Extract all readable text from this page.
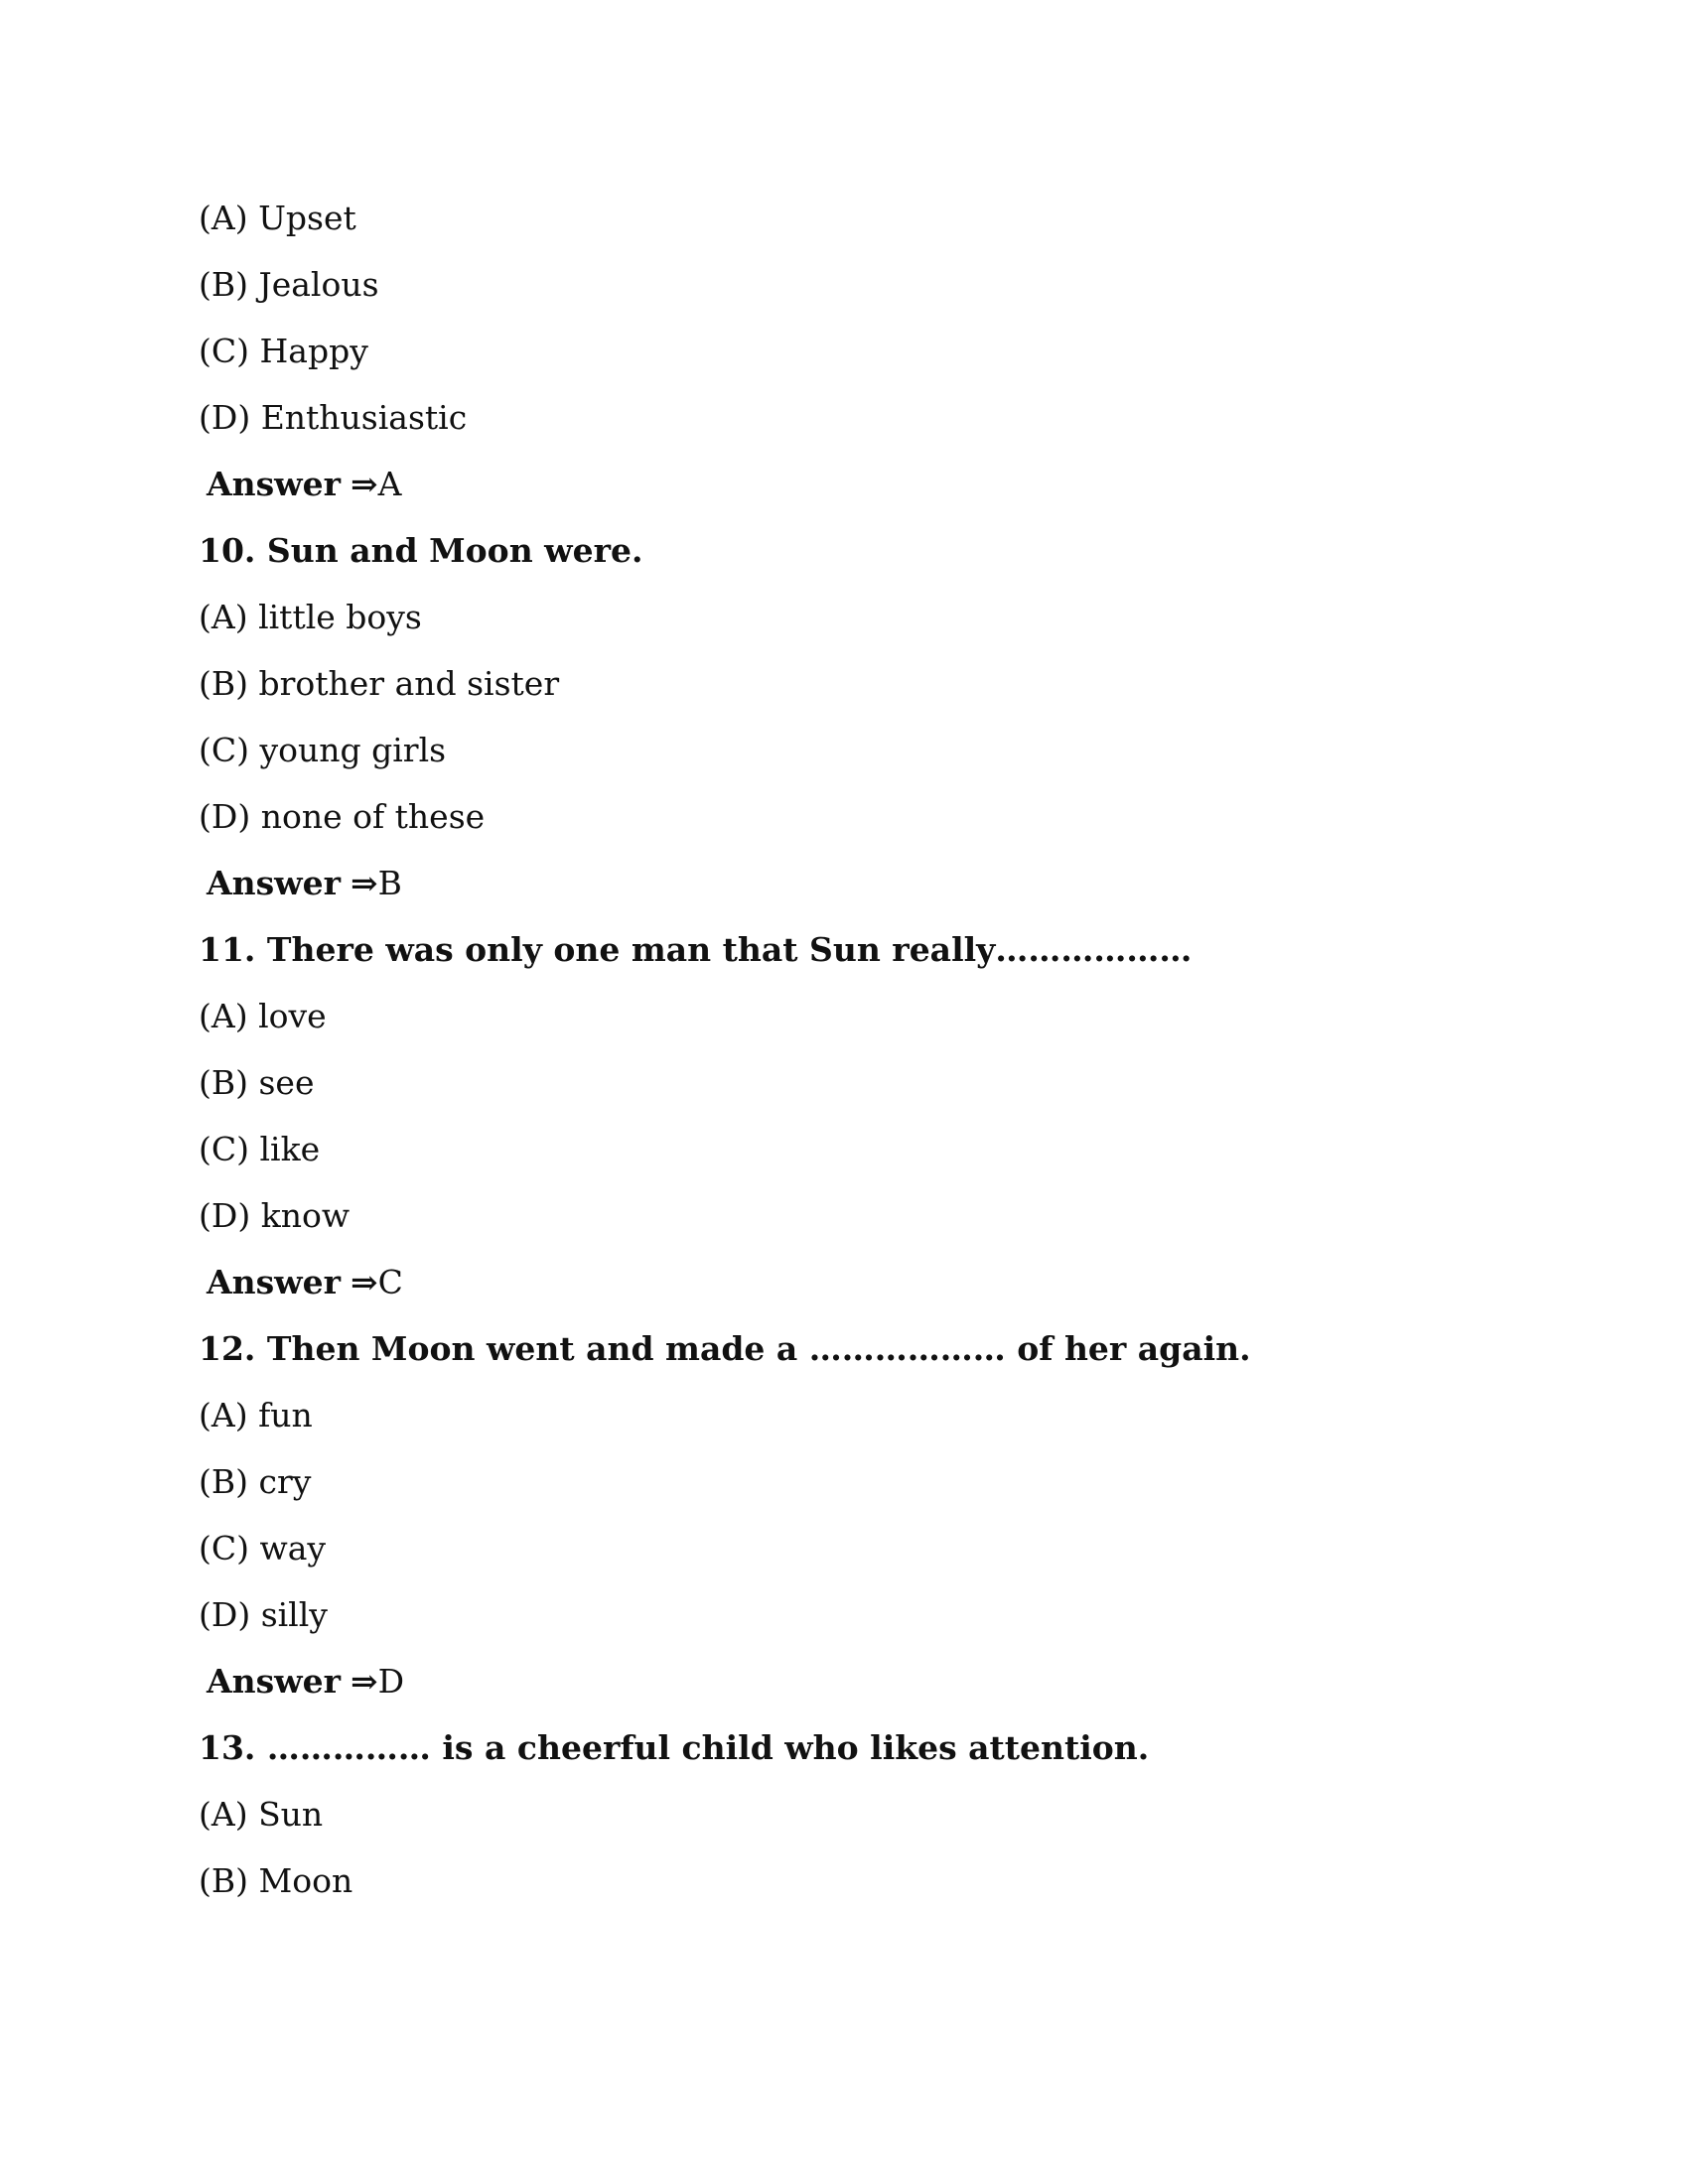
(A) Upset
(B) Jealous
(C) Happy
(D) Enthusiastic
Answer ⇒A
10. Sun and Moon were.
(A) little boys
(B) brother and sister
(C) young girls
(D) none of these
Answer ⇒B
11. There was only one man that Sun really………………
(A) love
(B) see
(C) like
(D) know
Answer ⇒C
12. Then Moon went and made a ……………… of her again.
(A) fun
(B) cry
(C) way
(D) silly
Answer ⇒D
13. …………… is a cheerful child who likes attention.
(A) Sun
(B) Moon
